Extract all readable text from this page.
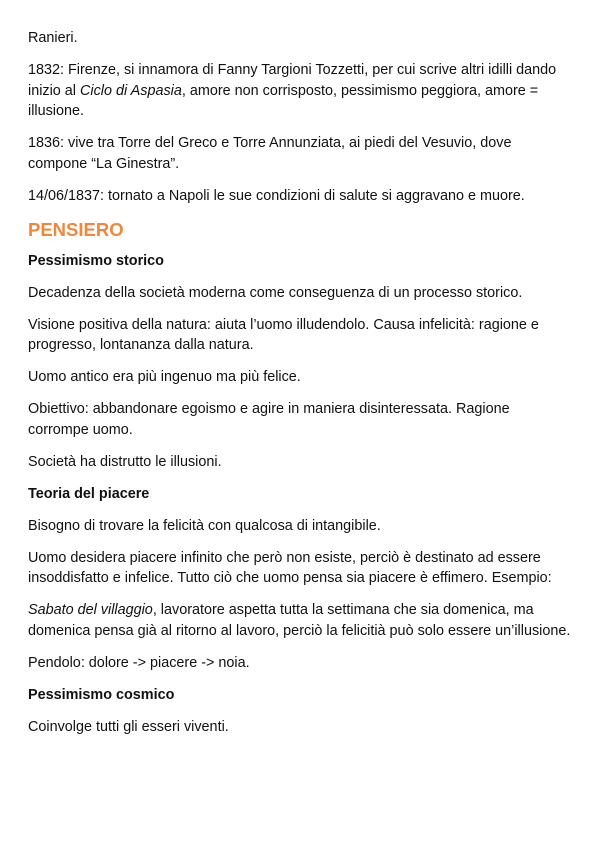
Ranieri.

1832: Firenze, si innamora di Fanny Targioni Tozzetti, per cui scrive altri idilli dando inizio al Ciclo di Aspasia, amore non corrisposto, pessimismo peggiora, amore = illusione.

1836: vive tra Torre del Greco e Torre Annunziata, ai piedi del Vesuvio, dove compone “La Ginestra”.

14/06/1837: tornato a Napoli le sue condizioni di salute si aggravano e muore.

PENSIERO

Pessimismo storico

Decadenza della società moderna come conseguenza di un processo storico.

Visione positiva della natura: aiuta l’uomo illudendolo. Causa infelicità: ragione e progresso, lontananza dalla natura.

Uomo antico era più ingenuo ma più felice.

Obiettivo: abbandonare egoismo e agire in maniera disinteressata. Ragione corrompe uomo.

Società ha distrutto le illusioni.

Teoria del piacere

Bisogno di trovare la felicità con qualcosa di intangibile.

Uomo desidera piacere infinito che però non esiste, perciò è destinato ad essere insoddisfatto e infelice. Tutto ciò che uomo pensa sia piacere è effimero. Esempio:

Sabato del villaggio, lavoratore aspetta tutta la settimana che sia domenica, ma domenica pensa già al ritorno al lavoro, perciò la felicitià può solo essere un’illusione.

Pendolo: dolore -> piacere -> noia.

Pessimismo cosmico

Coinvolge tutti gli esseri viventi.
